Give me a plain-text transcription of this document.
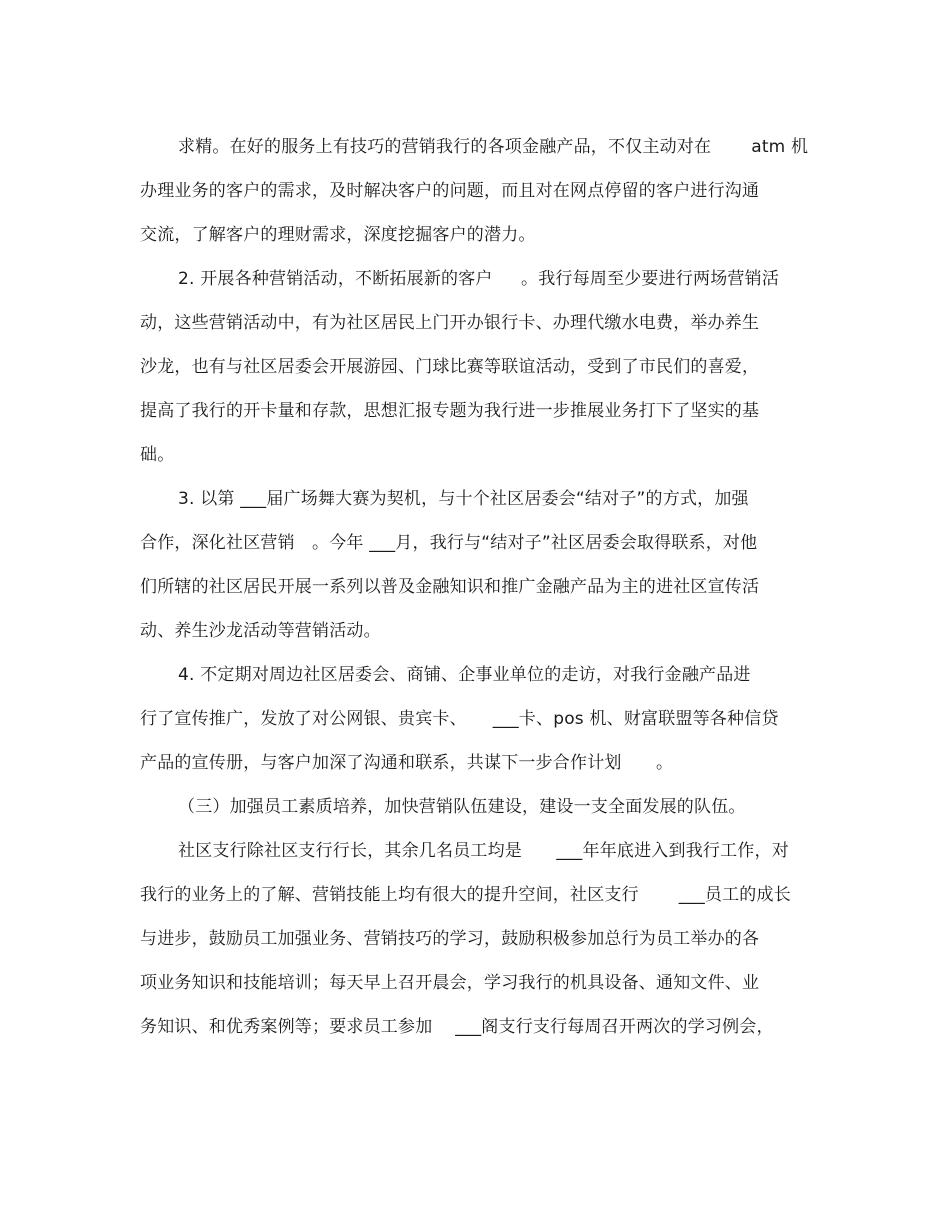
求精。在好的服务上有技巧的营销我行的各项金融产品，不仅主动对在　　 atm 机
办理业务的客户的需求，及时解决客户的问题，而且对在网点停留的客户进行沟通
交流，了解客户的理财需求，深度挖掘客户的潜力。
2. 开展各种营销活动，不断拓展新的客户　  。我行每周至少要进行两场营销活
动，这些营销活动中，有为社区居民上门开办银行卡、办理代缴水电费，举办养生
沙龙，也有与社区居委会开展游园、门球比赛等联谊活动，受到了市民们的喜爱，
提高了我行的开卡量和存款，思想汇报专题为我行进一步推展业务打下了坚实的基
础。
3. 以第 ___届广场舞大赛为契机，与十个社区居委会“结对子”的方式，加强
合作，深化社区营销　。今年 ___月，我行与“结对子”社区居委会取得联系，对他
们所辖的社区居民开展一系列以普及金融知识和推广金融产品为主的进社区宣传活
动、养生沙龙活动等营销活动。
4. 不定期对周边社区居委会、商铺、企事业单位的走访，对我行金融产品进
行了宣传推广，发放了对公网银、贵宾卡、　　___卡、pos 机、财富联盟等各种信贷
产品的宣传册，与客户加深了沟通和联系，共谋下一步合作计划　　。
（三）加强员工素质培养，加快营销队伍建设，建设一支全面发展的队伍。
社区支行除社区支行行长，其余几名员工均是　　___年年底进入到我行工作，对
我行的业务上的了解、营销技能上均有很大的提升空间，社区支行　　 ___员工的成长
与进步，鼓励员工加强业务、营销技巧的学习，鼓励积极参加总行为员工举办的各
项业务知识和技能培训；每天早上召开晨会，学习我行的机具设备、通知文件、业
务知识、和优秀案例等；要求员工参加　 ___阁支行支行每周召开两次的学习例会，
